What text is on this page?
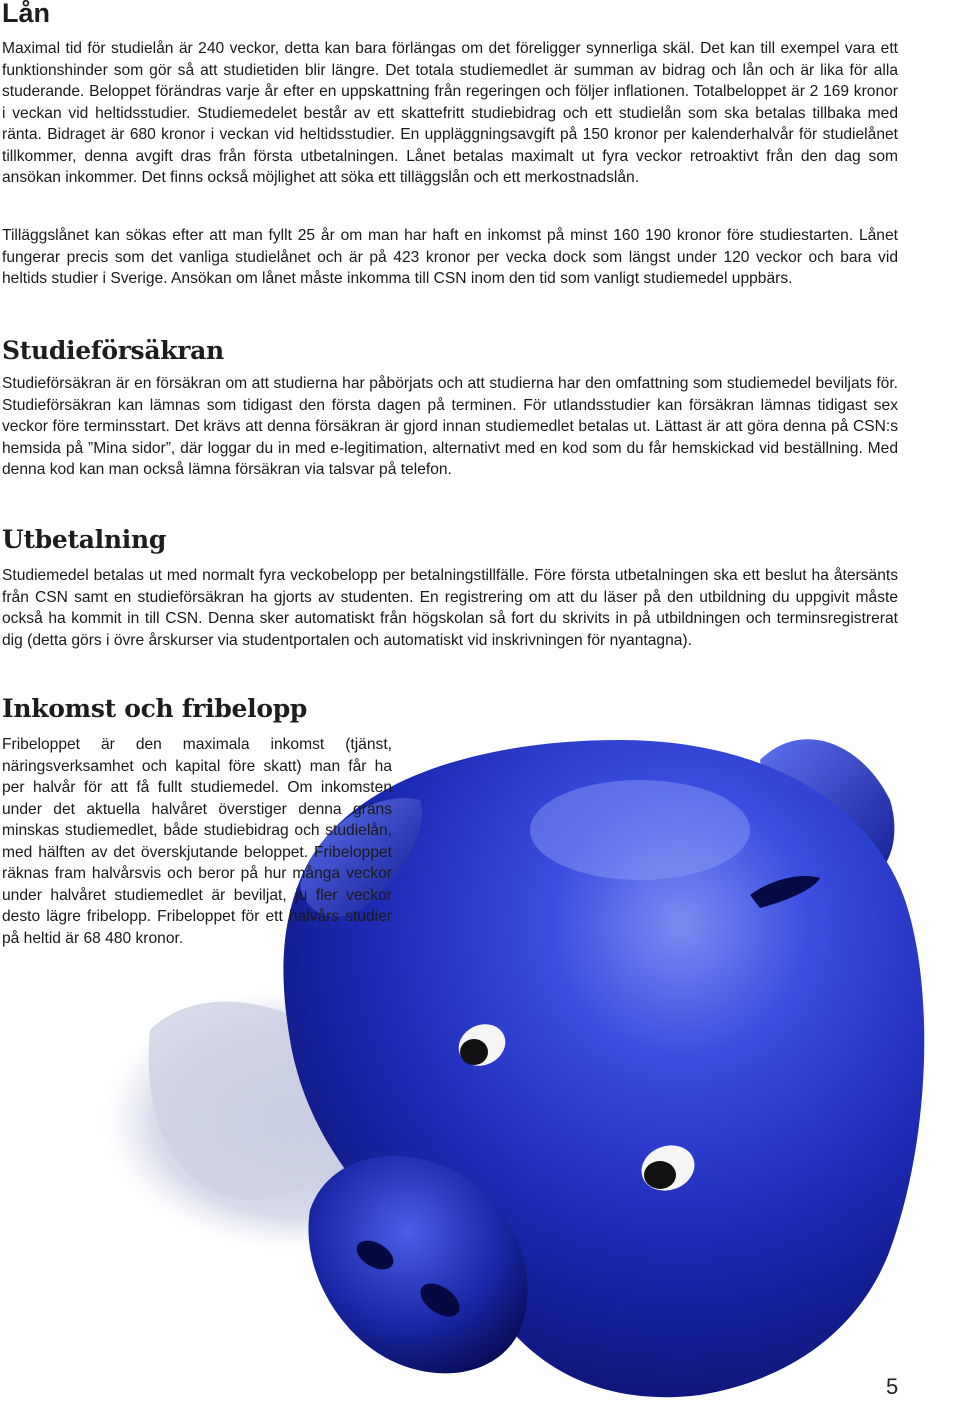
Lån

Maximal tid för studielån är 240 veckor, detta kan bara förlängas om det föreligger synnerliga skäl. Det kan till exempel vara ett funktionshinder som gör så att studietiden blir längre. Det totala studiemedlet är summan av bidrag och lån och är lika för alla studerande. Beloppet förändras varje år efter en uppskattning från regeringen och följer inflationen. Totalbeloppet är 2 169 kronor i veckan vid heltidsstudier. Studiemedelet består av ett skattefritt studiebidrag och ett studielån som ska betalas tillbaka med ränta. Bidraget är 680 kronor i veckan vid heltidsstudier. En uppläggningsavgift på 150 kronor per kalenderhalvår för studielånet tillkommer, denna avgift dras från första utbetalningen. Lånet betalas maximalt ut fyra veckor retroaktivt från den dag som ansökan inkommer. Det finns också möjlighet att söka ett tilläggslån och ett merkostnadslån.

Tilläggslånet kan sökas efter att man fyllt 25 år om man har haft en inkomst på minst 160 190 kronor före studiestarten. Lånet fungerar precis som det vanliga studielånet och är på 423 kronor per vecka dock som längst under 120 veckor och bara vid heltids studier i Sverige. Ansökan om lånet måste inkomma till CSN inom den tid som vanligt studiemedel uppbärs.

Studieförsäkran

Studieförsäkran är en försäkran om att studierna har påbörjats och att studierna har den omfattning som studiemedel beviljats för. Studieförsäkran kan lämnas som tidigast den första dagen på terminen. För utlandsstudier kan försäkran lämnas tidigast sex veckor före terminsstart. Det krävs att denna försäkran är gjord innan studiemedlet betalas ut. Lättast är att göra denna på CSN:s hemsida på ”Mina sidor”, där loggar du in med e-legitimation, alternativt med en kod som du får hemskickad vid beställning. Med denna kod kan man också lämna försäkran via talsvar på telefon.

Utbetalning

Studiemedel betalas ut med normalt fyra veckobelopp per betalningstillfälle. Före första utbetalningen ska ett beslut ha återsänts från CSN samt en studieförsäkran ha gjorts av studenten. En registrering om att du läser på den utbildning du uppgivit måste också ha kommit in till CSN. Denna sker automatiskt från högskolan så fort du skrivits in på utbildningen och terminsregistrerat dig (detta görs i övre årskurser via studentportalen och automatiskt vid inskrivningen för nyantagna).

Inkomst och fribelopp

Fribeloppet är den maximala inkomst (tjänst, näringsverksamhet och kapital före skatt) man får ha per halvår för att få fullt studiemedel. Om inkomsten under det aktuella halvåret överstiger denna gräns minskas studiemedlet, både studiebidrag och studielån, med hälften av det överskjutande beloppet. Fribeloppet räknas fram halvårsvis och beror på hur många veckor under halvåret studiemedlet är beviljat, ju fler veckor desto lägre fribelopp. Fribeloppet för ett halvårs studier på heltid är 68 480 kronor.

5
